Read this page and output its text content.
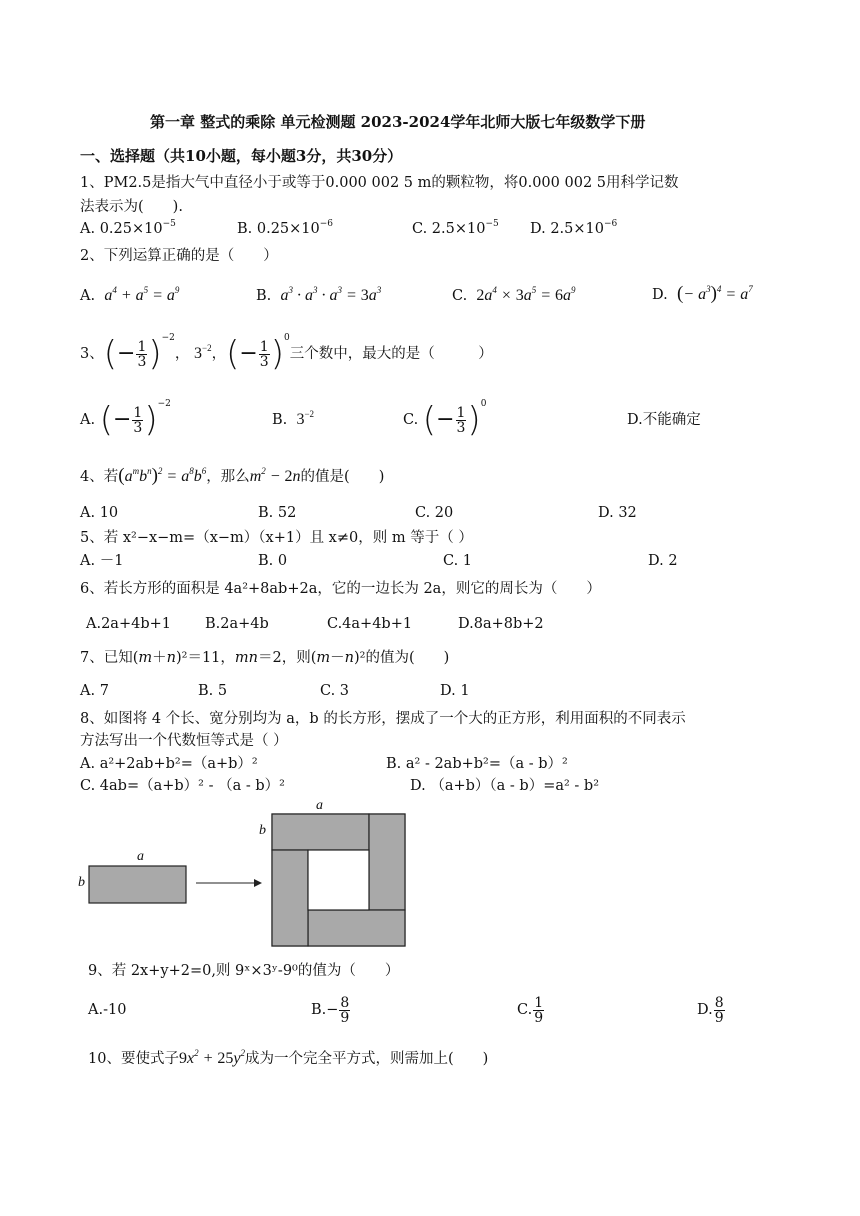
第一章 整式的乘除 单元检测题 2023-2024学年北师大版七年级数学下册
一、选择题（共10小题，每小题3分，共30分）
1、PM2.5是指大气中直径小于或等于0.000 002 5 m的颗粒物，将0.000 002 5用科学记数
法表示为(　　).
A. $0.25\times 10^{-5}$	B. $0.25\times 10^{-6}$	C. $2.5\times 10^{-5}$ D. $2.5\times 10^{-6}$
2、下列运算正确的是（　　）
A. $a^4 + a^5 = a^9$	B. $a^3 \cdot a^3 \cdot a^3 = 3a^3$	C. $2a^4 \times 3a^5 = 6a^9$	D. (− $a^3)^4 = a^7$
3、(− $\frac{1}{3} )^{-2}$， $3^{-2}$，(− $\frac{1}{3} )^0$三个数中，最大的是（　　　）
A. (− $\frac{1}{3} )^{-2}$
B. $3^{-2}$	C. (− $\frac{1}{3} )^0$
D.不能确定
4、若$(a^mb^n)^2 = a^8b^6$，那么$m^2 - 2n$的值是(　　)
A. 10	B. 52	C. 20	D. 32
5、若 x²−x−m=（x−m）（x+1）且 x≠0，则 m 等于（ ）
A. －1	B. 0	C. 1	D. 2
6、若长方形的面积是 4a²+8ab+2a，它的一边长为 2a，则它的周长为（　　）
A.2a+4b+1 B.2a+4b	C.4a+4b+1	D.8a+8b+2
7、已知(m＋n)²＝11，mn＝2，则(m－n)²的值为(　　)
A. 7	B. 5	C. 3	D. 1
8、如图将 4 个长、宽分别均为 a，b 的长方形，摆成了一个大的正方形，利用面积的不同表示
方法写出一个代数恒等式是（ ）
A. a²+2ab+b²=（a+b）²	B. a² - 2ab+b²=（a - b）²
C. 4ab=（a+b）² - （a - b）²	D. （a+b）（a - b）=a² - b²
a
b
a
b
9、若 2x+y+2=0,则 9ˣ×3ʸ-9⁰的值为（　　）
A.-10	$B.- \frac{8}{9}$	C. $\frac{1}{9}$	D. $\frac{8}{9}$
10、要使式子$9x^2 + 25y^2$成为一个完全平方式，则需加上(　　)
